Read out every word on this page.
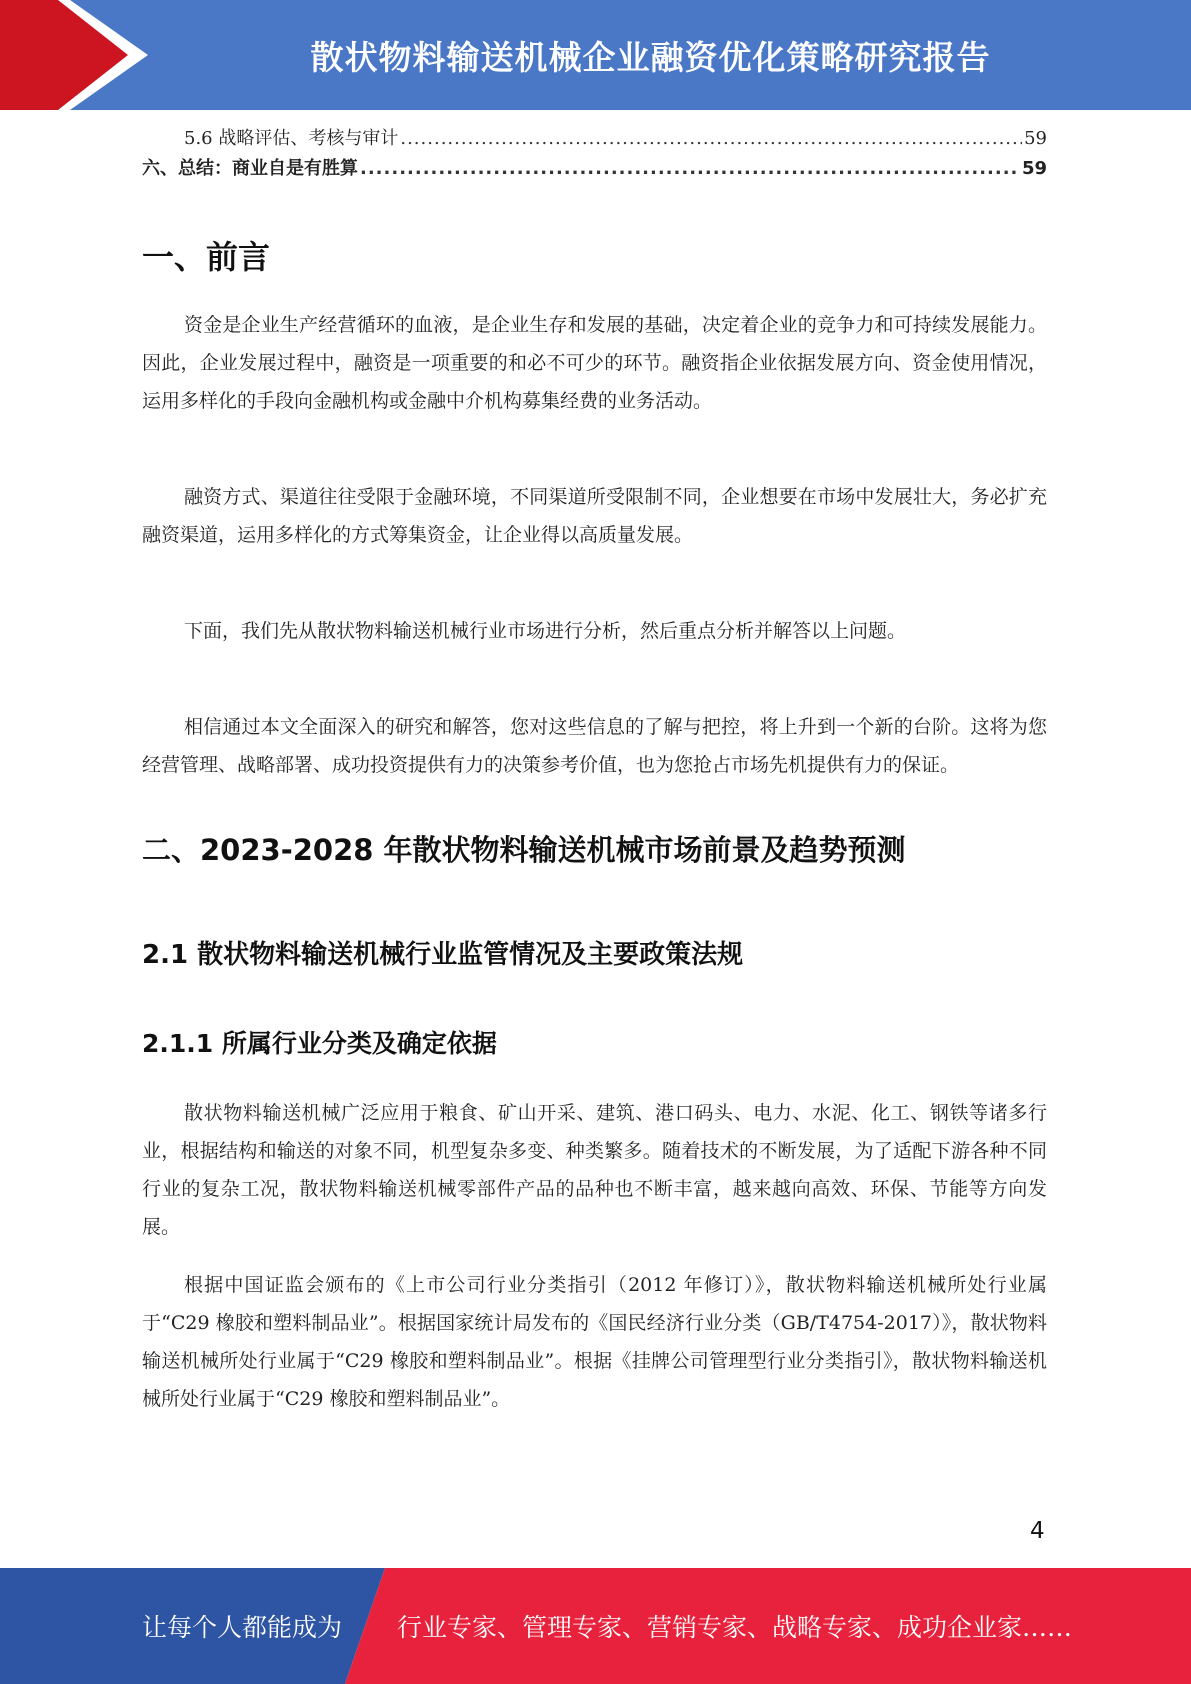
散状物料输送机械企业融资优化策略研究报告
5.6 战略评估、考核与审计 .....	59
六、总结：商业自是有胜算 .....	59
一、前言

资金是企业生产经营循环的血液，是企业生存和发展的基础，决定着企业的竞争力和可持续发展能力。因此，企业发展过程中，融资是一项重要的和必不可少的环节。融资指企业依据发展方向、资金使用情况，运用多样化的手段向金融机构或金融中介机构募集经费的业务活动。

融资方式、渠道往往受限于金融环境，不同渠道所受限制不同，企业想要在市场中发展壮大，务必扩充融资渠道，运用多样化的方式筹集资金，让企业得以高质量发展。

下面，我们先从散状物料输送机械行业市场进行分析，然后重点分析并解答以上问题。

相信通过本文全面深入的研究和解答，您对这些信息的了解与把控，将上升到一个新的台阶。这将为您经营管理、战略部署、成功投资提供有力的决策参考价值，也为您抢占市场先机提供有力的保证。

二、2023-2028 年散状物料输送机械市场前景及趋势预测
2.1 散状物料输送机械行业监管情况及主要政策法规
2.1.1 所属行业分类及确定依据

散状物料输送机械广泛应用于粮食、矿山开采、建筑、港口码头、电力、水泥、化工、钢铁等诸多行业，根据结构和输送的对象不同，机型复杂多变、种类繁多。随着技术的不断发展，为了适配下游各种不同行业的复杂工况，散状物料输送机械零部件产品的品种也不断丰富，越来越向高效、环保、节能等方向发展。

根据中国证监会颁布的《上市公司行业分类指引（2012 年修订）》，散状物料输送机械所处行业属于“C29 橡胶和塑料制品业”。根据国家统计局发布的《国民经济行业分类（GB/T4754-2017）》，散状物料输送机械所处行业属于“C29 橡胶和塑料制品业”。根据《挂牌公司管理型行业分类指引》，散状物料输送机械所处行业属于“C29 橡胶和塑料制品业”。

4
让每个人都能成为 行业专家、管理专家、营销专家、战略专家、成功企业家……
